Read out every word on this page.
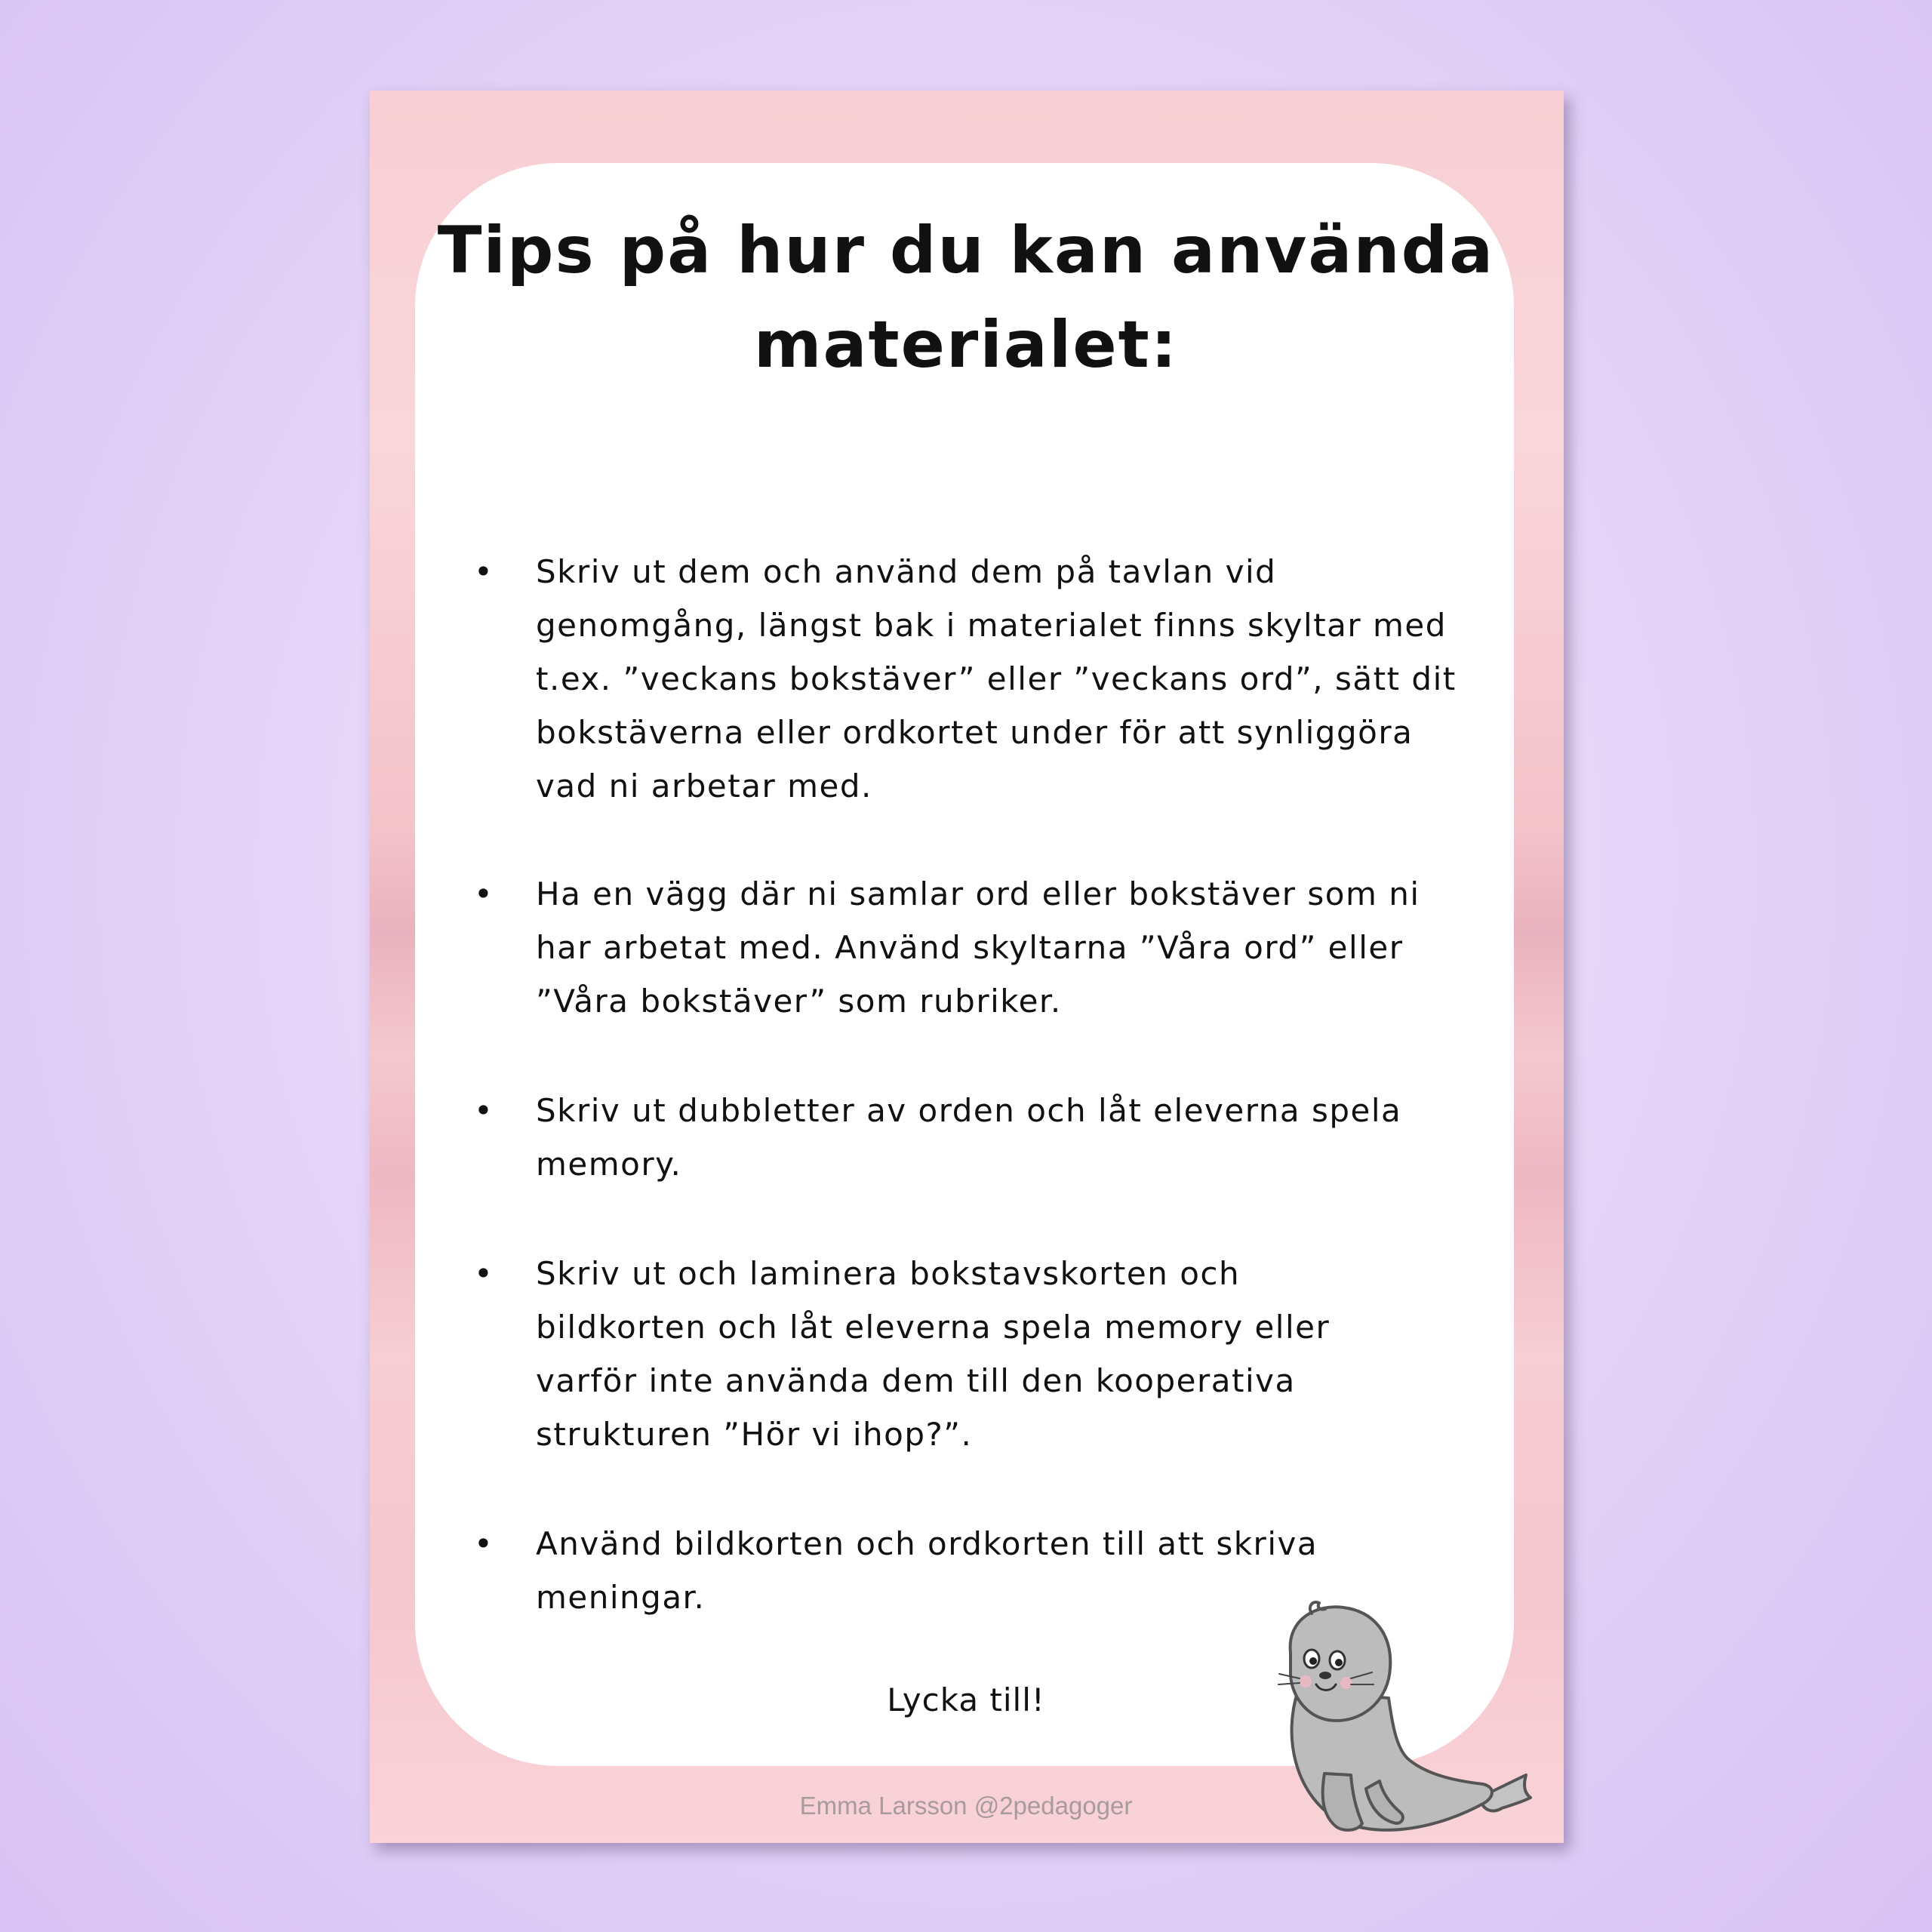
Tips på hur du kan använda
materialet:
• Skriv ut dem och använd dem på tavlan vid genomgång, längst bak i materialet finns skyltar med t.ex. ”veckans bokstäver” eller ”veckans ord”, sätt dit bokstäverna eller ordkortet under för att synliggöra vad ni arbetar med.
• Ha en vägg där ni samlar ord eller bokstäver som ni har arbetat med. Använd skyltarna ”Våra ord” eller ”Våra bokstäver” som rubriker.
• Skriv ut dubbletter av orden och låt eleverna spela memory.
• Skriv ut och laminera bokstavskorten och bildkorten och låt eleverna spela memory eller varför inte använda dem till den kooperativa strukturen ”Hör vi ihop?”.
• Använd bildkorten och ordkorten till att skriva meningar.
Lycka till!
Emma Larsson @2pedagoger
